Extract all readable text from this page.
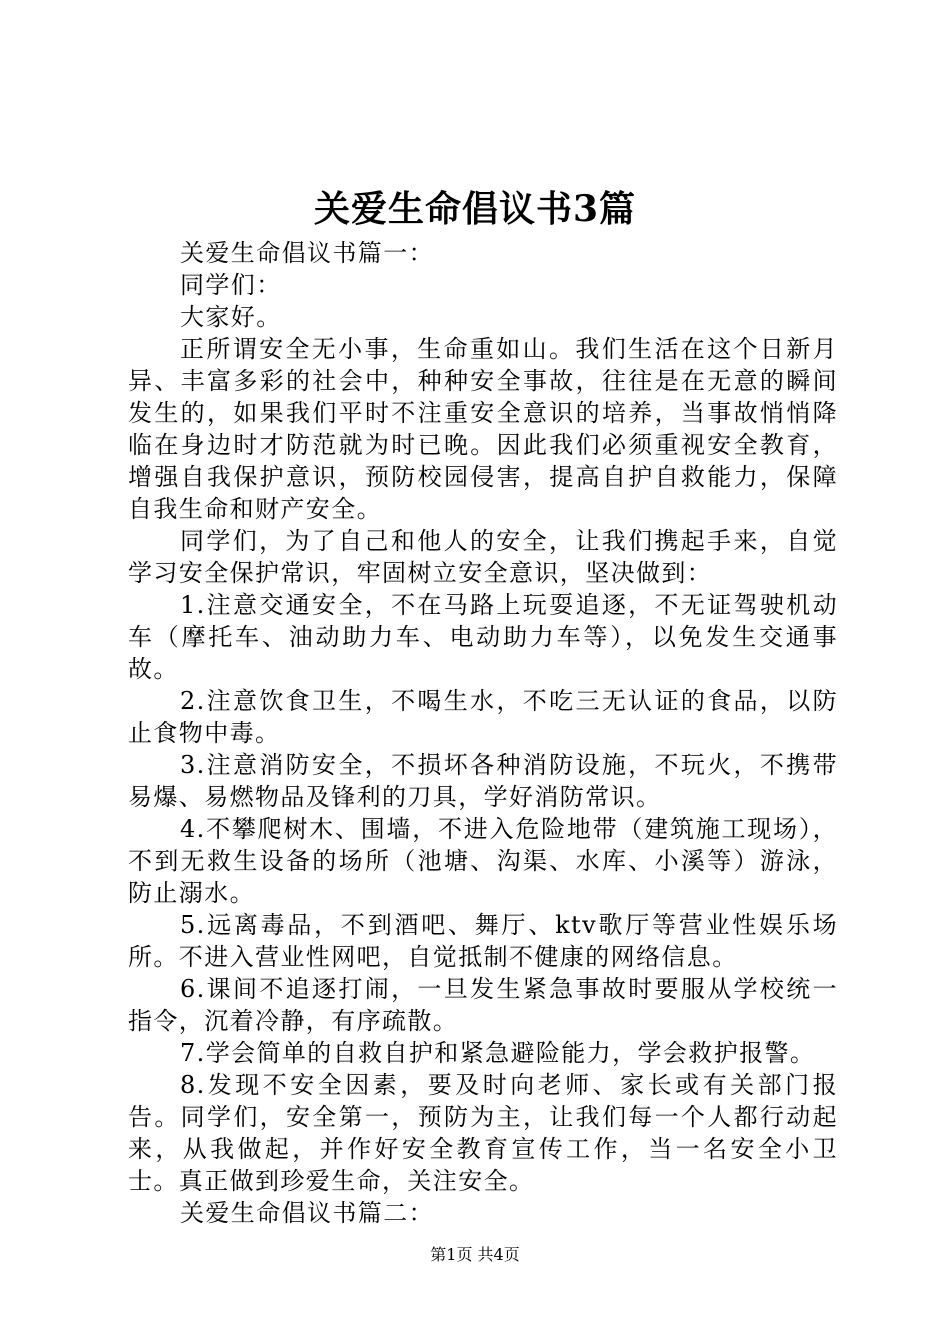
关爱生命倡议书3篇

关爱生命倡议书篇一：

同学们：

大家好。

正所谓安全无小事，生命重如山。我们生活在这个日新月异、丰富多彩的社会中，种种安全事故，往往是在无意的瞬间发生的，如果我们平时不注重安全意识的培养，当事故悄悄降临在身边时才防范就为时已晚。因此我们必须重视安全教育，增强自我保护意识，预防校园侵害，提高自护自救能力，保障自我生命和财产安全。

同学们，为了自己和他人的安全，让我们携起手来，自觉学习安全保护常识，牢固树立安全意识，坚决做到：

1.注意交通安全，不在马路上玩耍追逐，不无证驾驶机动车（摩托车、油动助力车、电动助力车等），以免发生交通事故。

2.注意饮食卫生，不喝生水，不吃三无认证的食品，以防止食物中毒。

3.注意消防安全，不损坏各种消防设施，不玩火，不携带易爆、易燃物品及锋利的刀具，学好消防常识。

4.不攀爬树木、围墙，不进入危险地带（建筑施工现场），不到无救生设备的场所（池塘、沟渠、水库、小溪等）游泳，防止溺水。

5.远离毒品，不到酒吧、舞厅、ktv歌厅等营业性娱乐场所。不进入营业性网吧，自觉抵制不健康的网络信息。

6.课间不追逐打闹，一旦发生紧急事故时要服从学校统一指令，沉着冷静，有序疏散。

7.学会简单的自救自护和紧急避险能力，学会救护报警。

8.发现不安全因素，要及时向老师、家长或有关部门报告。同学们，安全第一，预防为主，让我们每一个人都行动起来，从我做起，并作好安全教育宣传工作，当一名安全小卫士。真正做到珍爱生命，关注安全。

关爱生命倡议书篇二：

第1页 共4页
